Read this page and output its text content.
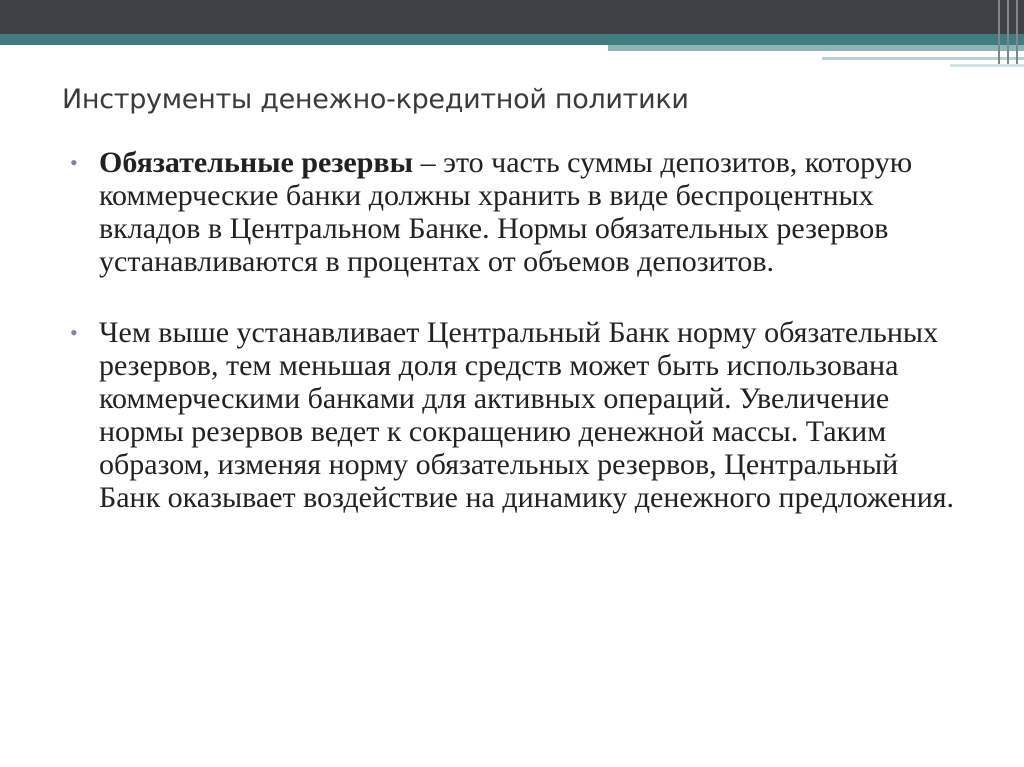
Инструменты денежно-кредитной политики
• Обязательные резервы – это часть суммы депозитов, которую коммерческие банки должны хранить в виде беспроцентных вкладов в Центральном Банке. Нормы обязательных резервов устанавливаются в процентах от объемов депозитов.
• Чем выше устанавливает Центральный Банк норму обязательных резервов, тем меньшая доля средств может быть использована коммерческими банками для активных операций. Увеличение нормы резервов ведет к сокращению денежной массы. Таким образом, изменяя норму обязательных резервов, Центральный Банк оказывает воздействие на динамику денежного предложения.
